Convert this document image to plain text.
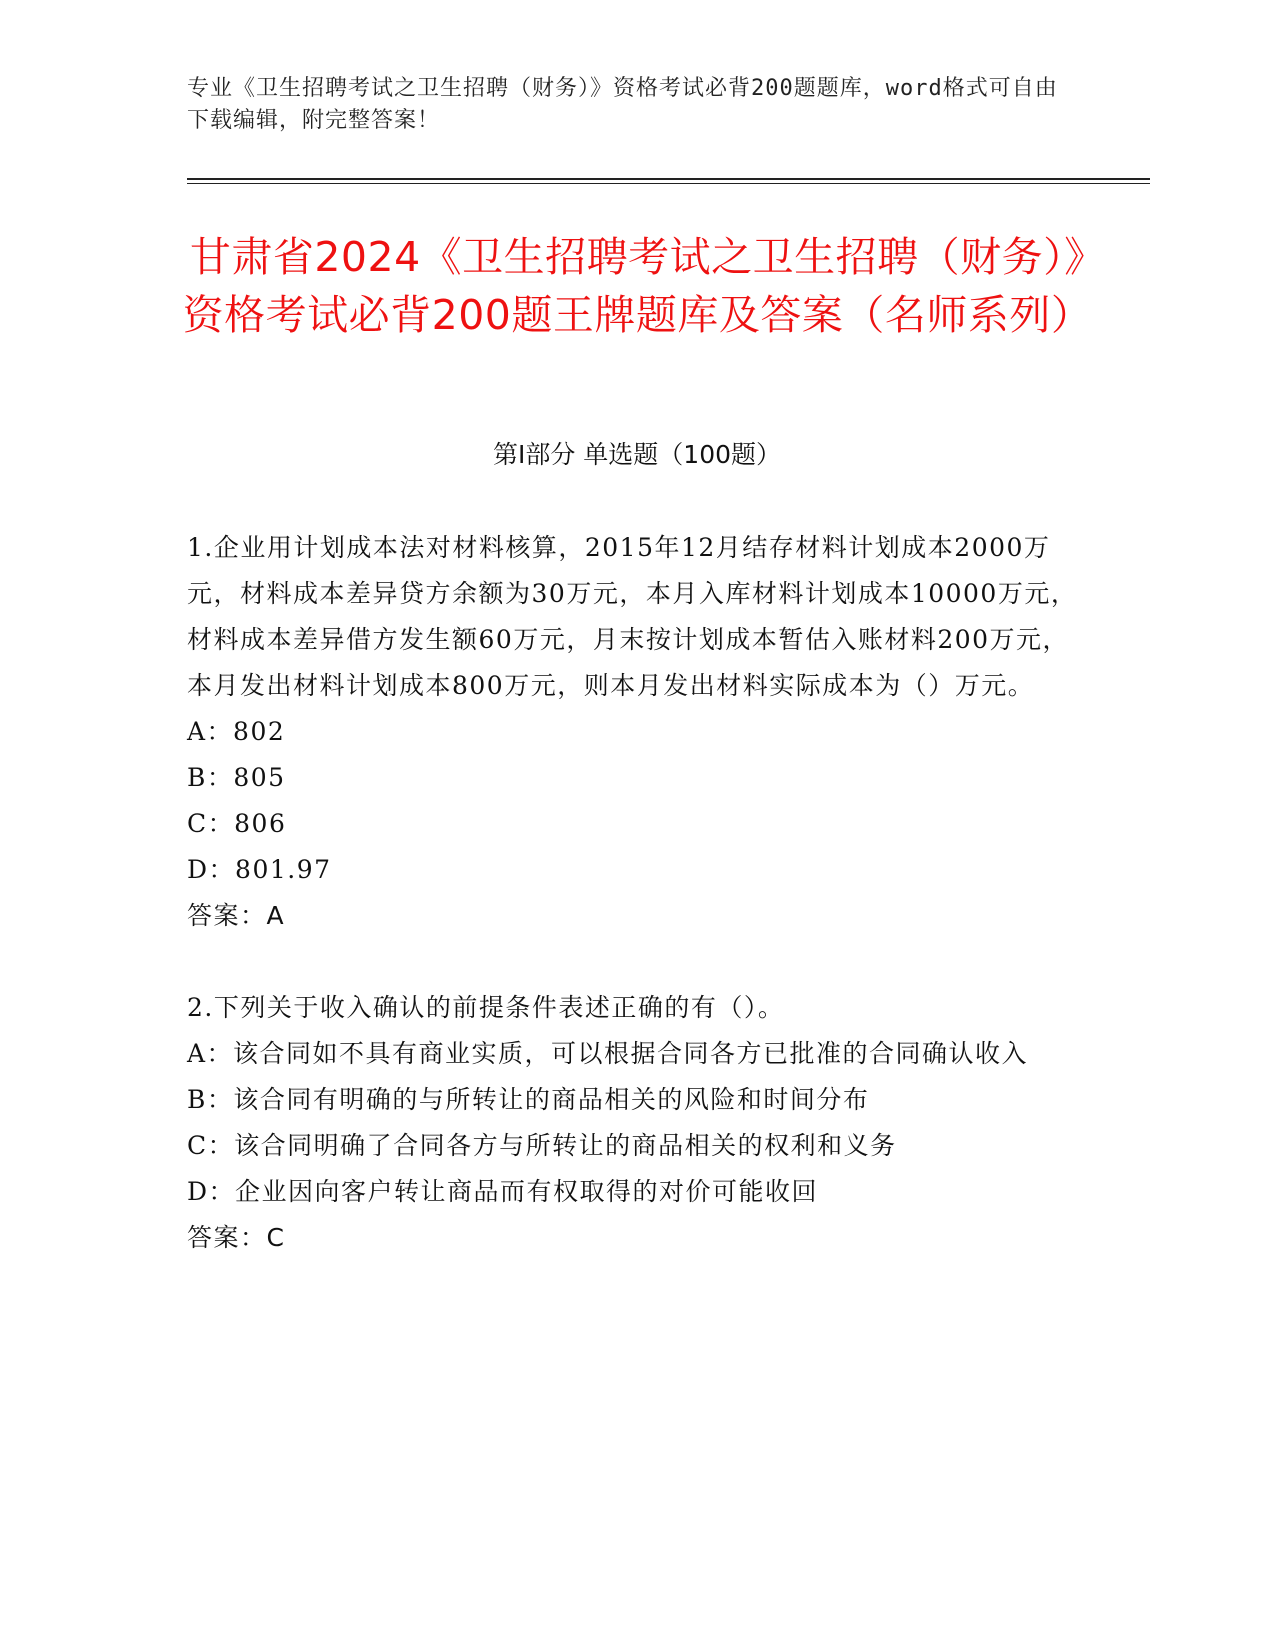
专业《卫生招聘考试之卫生招聘（财务）》资格考试必背200题题库，word格式可自由下载编辑，附完整答案！
甘肃省2024《卫生招聘考试之卫生招聘（财务）》资格考试必背200题王牌题库及答案（名师系列）
第Ⅰ部分 单选题（100题）

1.企业用计划成本法对材料核算，2015年12月结存材料计划成本2000万元，材料成本差异贷方余额为30万元，本月入库材料计划成本10000万元，材料成本差异借方发生额60万元，月末按计划成本暂估入账材料200万元，本月发出材料计划成本800万元，则本月发出材料实际成本为（）万元。

A：802

B：805

C：806

D：801.97

答案：A

2.下列关于收入确认的前提条件表述正确的有（）。

A：该合同如不具有商业实质，可以根据合同各方已批准的合同确认收入

B：该合同有明确的与所转让的商品相关的风险和时间分布

C：该合同明确了合同各方与所转让的商品相关的权利和义务

D：企业因向客户转让商品而有权取得的对价可能收回

答案：C
